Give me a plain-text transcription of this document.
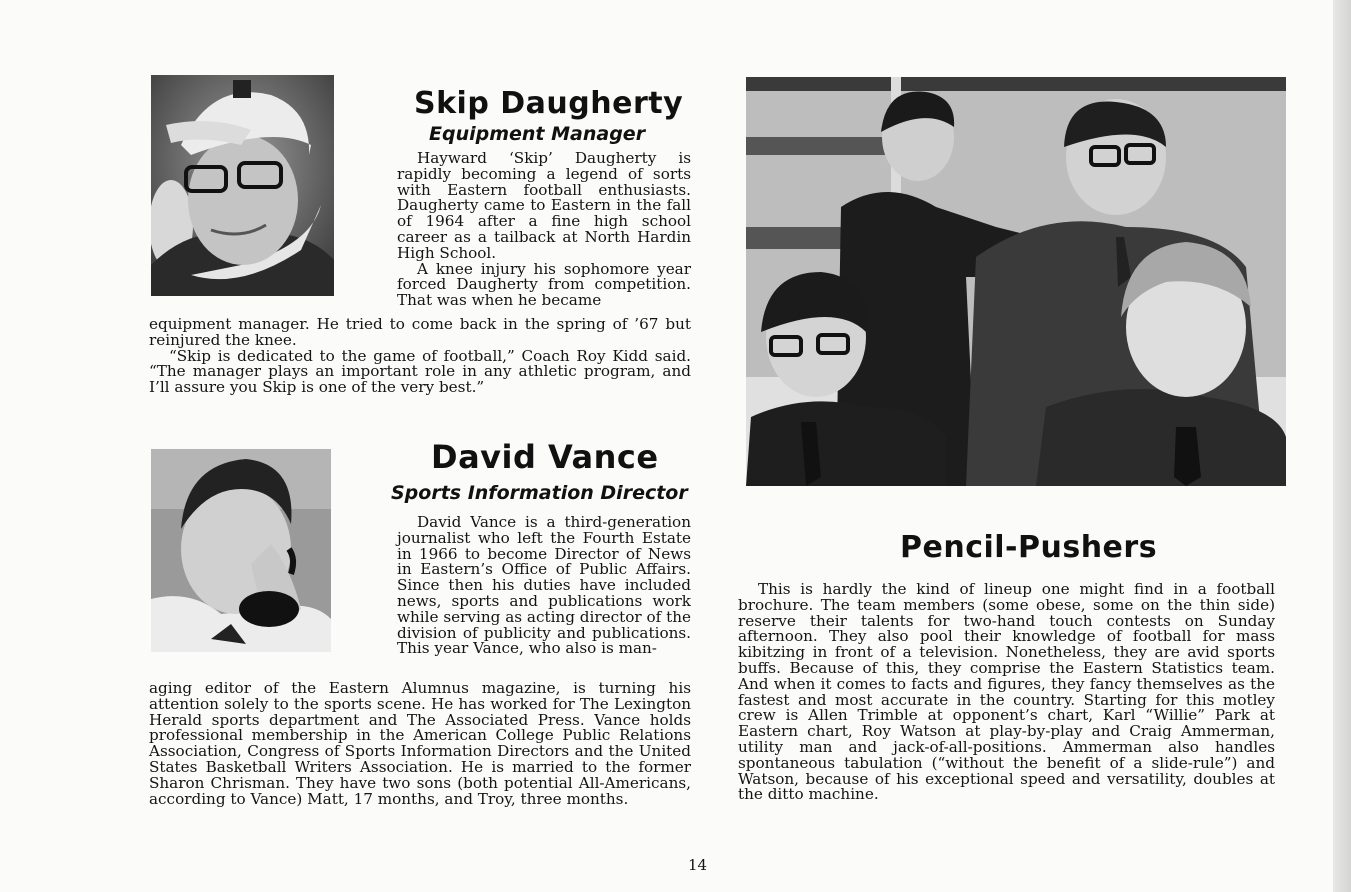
Skip Daugherty
Equipment Manager

Hayward ‘Skip’ Daugherty is rapidly becoming a legend of sorts with Eastern football enthusiasts. Daugherty came to Eastern in the fall of 1964 after a fine high school career as a tailback at North Hardin High School.

A knee injury his sophomore year forced Daugherty from competition. That was when he became

equipment manager. He tried to come back in the spring of ’67 but reinjured the knee.

“Skip is dedicated to the game of football,” Coach Roy Kidd said. “The manager plays an important role in any athletic program, and I’ll assure you Skip is one of the very best.”

David Vance
Sports Information Director

David Vance is a third-generation journalist who left the Fourth Estate in 1966 to become Director of News in Eastern’s Office of Public Affairs. Since then his duties have included news, sports and publications work while serving as acting director of the division of publicity and publications. This year Vance, who also is man-

aging editor of the Eastern Alumnus magazine, is turning his attention solely to the sports scene. He has worked for The Lexington Herald sports department and The Associated Press. Vance holds professional membership in the American College Public Relations Association, Congress of Sports Information Directors and the United States Basketball Writers Association. He is married to the former Sharon Chrisman. They have two sons (both potential All-Americans, according to Vance) Matt, 17 months, and Troy, three months.

Pencil-Pushers

This is hardly the kind of lineup one might find in a football brochure. The team members (some obese, some on the thin side) reserve their talents for two-hand touch contests on Sunday afternoon. They also pool their knowledge of football for mass kibitzing in front of a television. Nonetheless, they are avid sports buffs. Because of this, they comprise the Eastern Statistics team. And when it comes to facts and figures, they fancy themselves as the fastest and most accurate in the country. Starting for this motley crew is Allen Trimble at opponent’s chart, Karl “Willie” Park at Eastern chart, Roy Watson at play-by-play and Craig Ammerman, utility man and jack-of-all-positions. Ammerman also handles spontaneous tabulation (“without the benefit of a slide-rule”) and Watson, because of his exceptional speed and versatility, doubles at the ditto machine.

14
